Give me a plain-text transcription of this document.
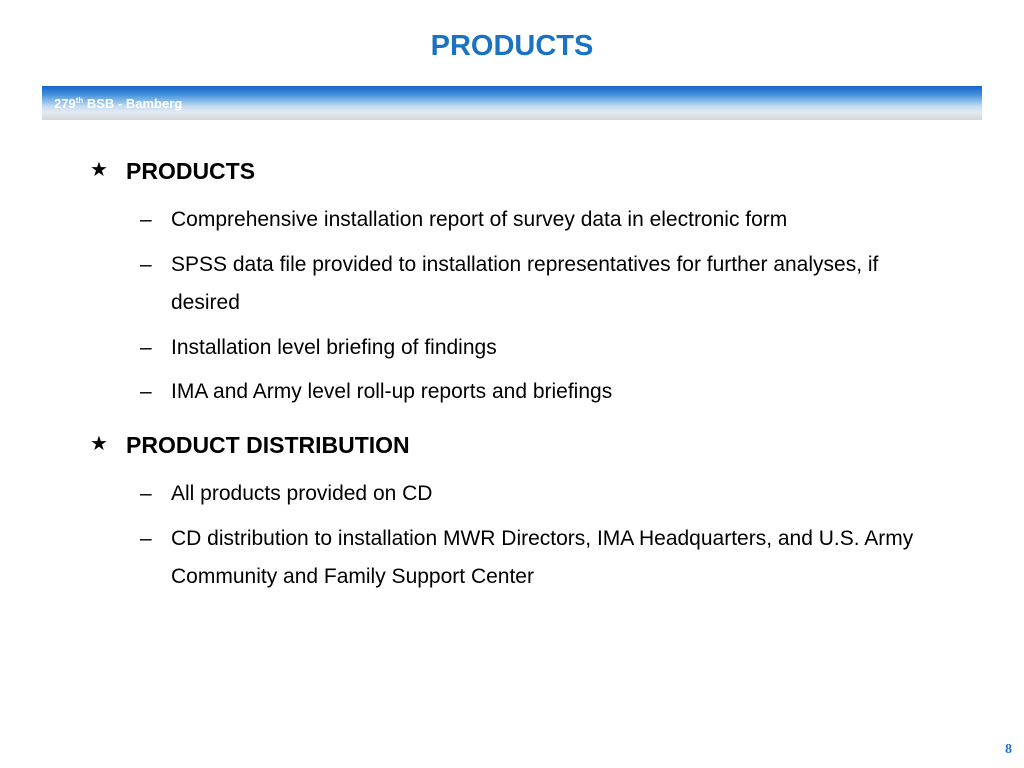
PRODUCTS
279th BSB - Bamberg
★ PRODUCTS
– Comprehensive installation report of survey data in electronic form
– SPSS data file provided to installation representatives for further analyses, if desired
– Installation level briefing of findings
– IMA and Army level roll-up reports and briefings
★ PRODUCT DISTRIBUTION
– All products provided on CD
– CD distribution to installation MWR Directors, IMA Headquarters, and U.S. Army Community and Family Support Center
8
